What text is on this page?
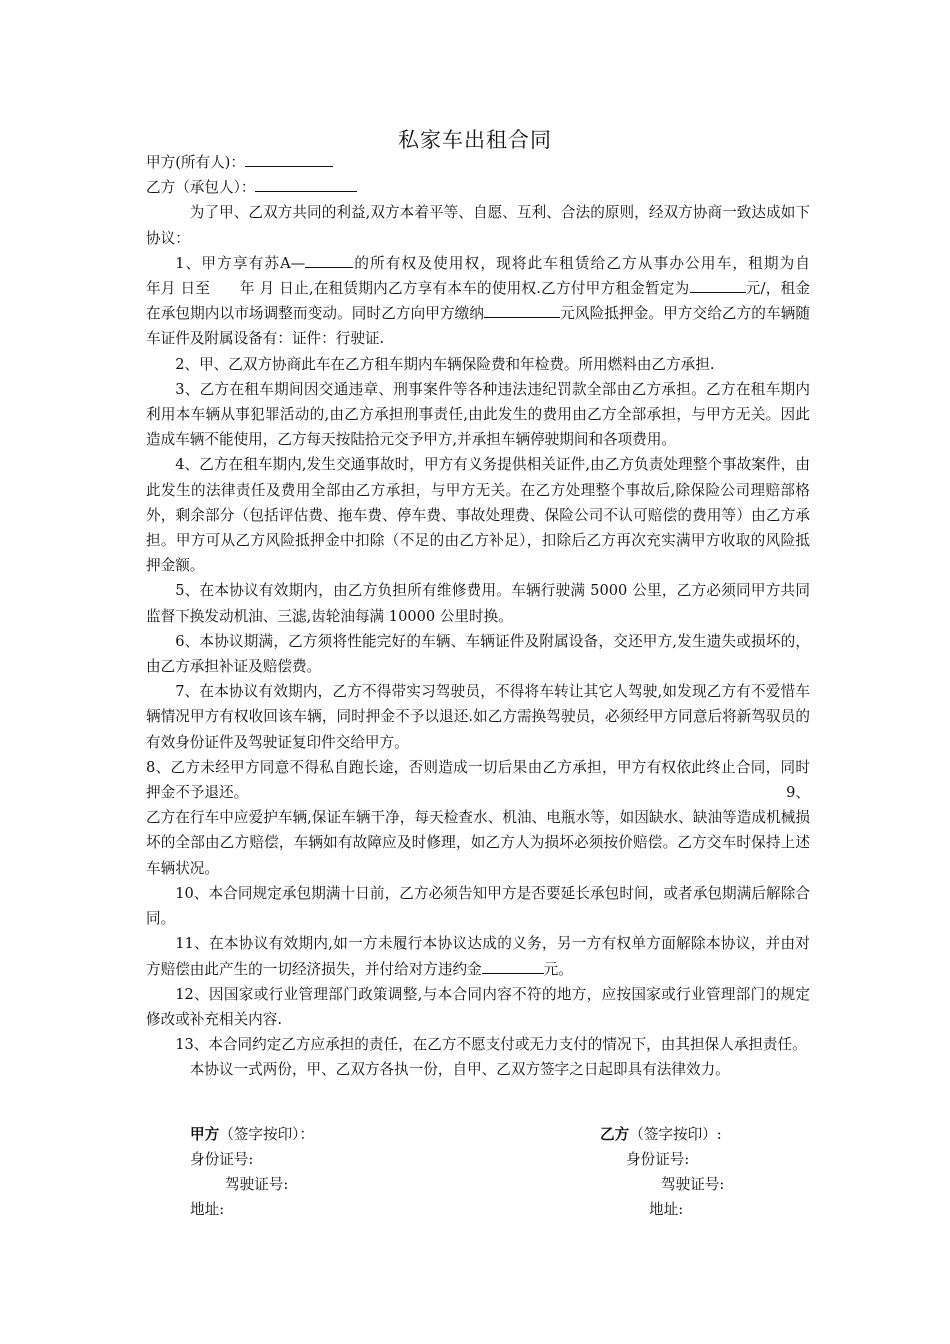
私家车出租合同

甲方(所有人)：

乙方（承包人）：

为了甲、乙双方共同的利益,双方本着平等、自愿、互利、合法的原则，经双方协商一致达成如下协议：

1、甲方享有苏A—	的所有权及使用权，现将此车租赁给乙方从事办公用车，租期为自　　年月 日至　　年 月 日止,在租赁期内乙方享有本车的使用权.乙方付甲方租金暂定为	元/，租金在承包期内以市场调整而变动。同时乙方向甲方缴纳	元风险抵押金。甲方交给乙方的车辆随车证件及附属设备有：证件：行驶证.

2、甲、乙双方协商此车在乙方租车期内车辆保险费和年检费。所用燃料由乙方承担.

3、乙方在租车期间因交通违章、刑事案件等各种违法违纪罚款全部由乙方承担。乙方在租车期内利用本车辆从事犯罪活动的,由乙方承担刑事责任,由此发生的费用由乙方全部承担，与甲方无关。因此造成车辆不能使用，乙方每天按陆拾元交予甲方,并承担车辆停驶期间和各项费用。

4、乙方在租车期内,发生交通事故时，甲方有义务提供相关证件,由乙方负责处理整个事故案件，由此发生的法律责任及费用全部由乙方承担，与甲方无关。在乙方处理整个事故后,除保险公司理赔部格外，剩余部分（包括评估费、拖车费、停车费、事故处理费、保险公司不认可赔偿的费用等）由乙方承担。甲方可从乙方风险抵押金中扣除（不足的由乙方补足），扣除后乙方再次充实满甲方收取的风险抵押金额。

5、在本协议有效期内，由乙方负担所有维修费用。车辆行驶满 5000 公里，乙方必须同甲方共同监督下换发动机油、三滤,齿轮油每满 10000 公里时换。

6、本协议期满，乙方须将性能完好的车辆、车辆证件及附属设备，交还甲方,发生遗失或损坏的，由乙方承担补证及赔偿费。

7、在本协议有效期内，乙方不得带实习驾驶员，不得将车转让其它人驾驶,如发现乙方有不爱惜车辆情况甲方有权收回该车辆，同时押金不予以退还.如乙方需换驾驶员，必须经甲方同意后将新驾驭员的有效身份证件及驾驶证复印件交给甲方。

8、乙方未经甲方同意不得私自跑长途，否则造成一切后果由乙方承担，甲方有权依此终止合同，同时押金不予退还。	9、

乙方在行车中应爱护车辆,保证车辆干净，每天检查水、机油、电瓶水等，如因缺水、缺油等造成机械损坏的全部由乙方赔偿，车辆如有故障应及时修理，如乙方人为损坏必须按价赔偿。乙方交车时保持上述车辆状况。

10、本合同规定承包期满十日前，乙方必须告知甲方是否要延长承包时间，或者承包期满后解除合同。

11、在本协议有效期内,如一方未履行本协议达成的义务，另一方有权单方面解除本协议，并由对方赔偿由此产生的一切经济损失，并付给对方违约金	元。

12、因国家或行业管理部门政策调整,与本合同内容不符的地方，应按国家或行业管理部门的规定修改或补充相关内容.

13、本合同约定乙方应承担的责任，在乙方不愿支付或无力支付的情况下，由其担保人承担责任。

本协议一式两份，甲、乙双方各执一份，自甲、乙双方签字之日起即具有法律效力。

甲方（签字按印）：
身份证号:
驾驶证号:
地址:
乙方（签字按印）:
身份证号:
驾驶证号:
地址:
